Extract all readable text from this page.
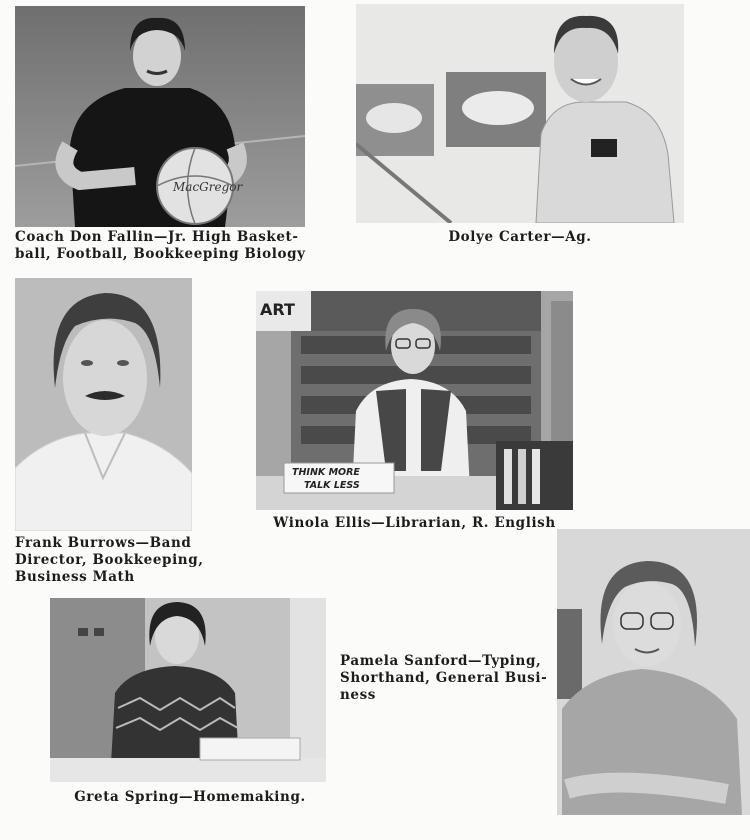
MacGregor
Coach Don Fallin—Jr. High Basket-
ball, Football, Bookkeeping Biology
Dolye Carter—Ag.
Frank Burrows—Band
Director, Bookkeeping,
Business Math
ART
THINK MORE
TALK LESS
Winola Ellis—Librarian, R. English
Pamela Sanford—Typing,
Shorthand, General Busi-
ness
Greta Spring—Homemaking.
